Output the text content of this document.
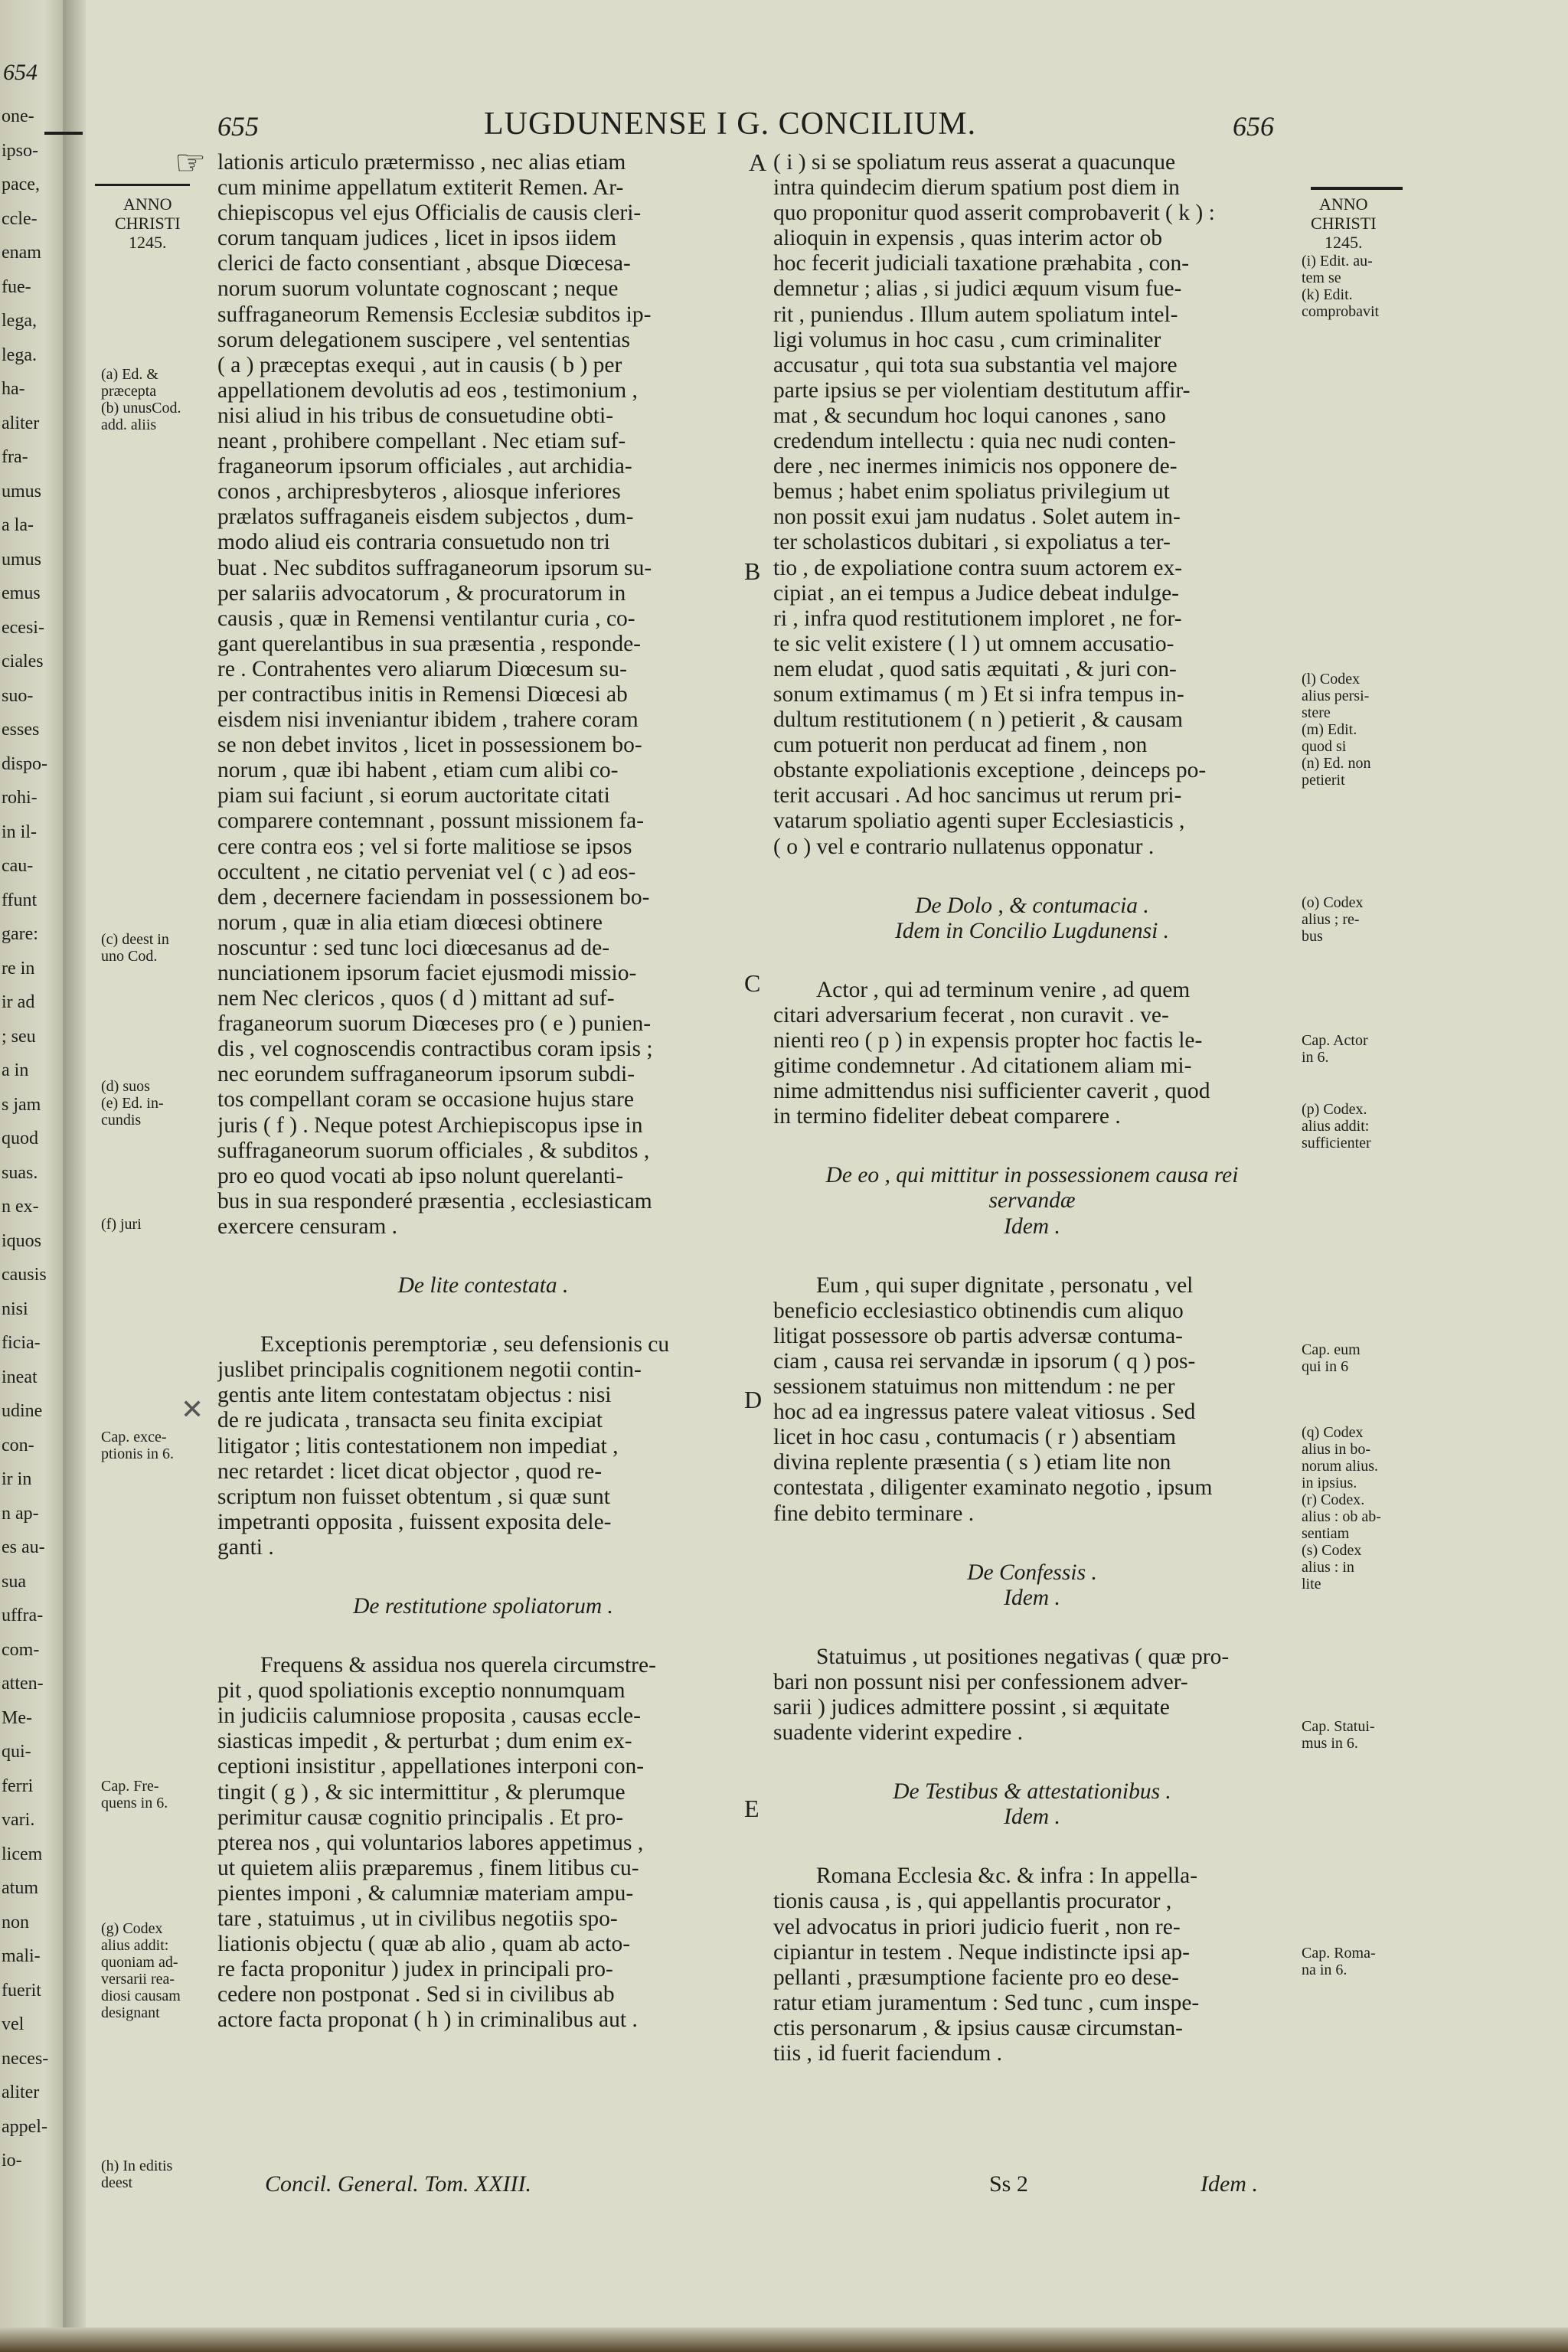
654
one-
ipso-
pace,
ccle-
enam
fue-
lega,
lega.
ha-
aliter
fra-
umus
a la-
umus
emus
ecesi-
ciales
suo-
esses
dispo-
rohi-
in il-
cau-
ffunt
gare:
re in
ir ad
; seu
a in
s jam
quod
suas.
n ex-
iquos
causis
nisi
ficia-
ineat
udine
con-
ir in
n ap-
es au-
sua
uffra-
com-
atten-
Me-
qui-
ferri
vari.
licem
atum
non
mali-
fuerit
vel
neces-
aliter
appel-
io-
655	LUGDUNENSE I G. CONCILIUM.	656
☞
ANNO
CHRISTI
1245.
(a) Ed. &
præcepta
(b) unusCod.
add. aliis
(c) deest in
uno Cod.
(d) suos
(e) Ed. in-
cundis
(f) juri
Cap. exce-
ptionis in 6.
Cap. Fre-
quens in 6.
(g) Codex
alius addit:
quoniam ad-
versarii rea-
diosi causam
designant
(h) In editis
deest
✕
ANNO
CHRISTI
1245.
(i) Edit. au-
tem se
(k) Edit.
comprobavit
(l) Codex
alius persi-
stere
(m) Edit.
quod si
(n) Ed. non
petierit
(o) Codex
alius ; re-
bus
Cap. Actor
in 6.
(p) Codex.
alius addit:
sufficienter
Cap. eum
qui in 6
(q) Codex
alius in bo-
norum alius.
in ipsius.
(r) Codex.
alius : ob ab-
sentiam
(s) Codex
alius : in
lite
Cap. Statui-
mus in 6.
Cap. Roma-
na in 6.
A
B
C
D
E
lationis articulo prætermisso , nec alias etiam
cum minime appellatum extiterit Remen. Ar-
chiepiscopus vel ejus Officialis de causis cleri-
corum tanquam judices , licet in ipsos iidem
clerici de facto consentiant , absque Diœcesa-
norum suorum voluntate cognoscant ; neque
suffraganeorum Remensis Ecclesiæ subditos ip-
sorum delegationem suscipere , vel sententias
( a ) præceptas exequi , aut in causis ( b ) per
appellationem devolutis ad eos , testimonium ,
nisi aliud in his tribus de consuetudine obti-
neant , prohibere compellant . Nec etiam suf-
fraganeorum ipsorum officiales , aut archidia-
conos , archipresbyteros , aliosque inferiores
prælatos suffraganeis eisdem subjectos , dum-
modo aliud eis contraria consuetudo non tri
buat . Nec subditos suffraganeorum ipsorum su-
per salariis advocatorum , & procuratorum in
causis , quæ in Remensi ventilantur curia , co-
gant querelantibus in sua præsentia , responde-
re . Contrahentes vero aliarum Diœcesum su-
per contractibus initis in Remensi Diœcesi ab
eisdem nisi inveniantur ibidem , trahere coram
se non debet invitos , licet in possessionem bo-
norum , quæ ibi habent , etiam cum alibi co-
piam sui faciunt , si eorum auctoritate citati
comparere contemnant , possunt missionem fa-
cere contra eos ; vel si forte malitiose se ipsos
occultent , ne citatio perveniat vel ( c ) ad eos-
dem , decernere faciendam in possessionem bo-
norum , quæ in alia etiam diœcesi obtinere
noscuntur : sed tunc loci diœcesanus ad de-
nunciationem ipsorum faciet ejusmodi missio-
nem Nec clericos , quos ( d ) mittant ad suf-
fraganeorum suorum Diœceses pro ( e ) punien-
dis , vel cognoscendis contractibus coram ipsis ;
nec eorundem suffraganeorum ipsorum subdi-
tos compellant coram se occasione hujus stare
juris ( f ) . Neque potest Archiepiscopus ipse in
suffraganeorum suorum officiales , & subditos ,
pro eo quod vocati ab ipso nolunt querelanti-
bus in sua responderé præsentia , ecclesiasticam
exercere censuram .

De lite contestata .

Exceptionis peremptoriæ , seu defensionis cu
juslibet principalis cognitionem negotii contin-
gentis ante litem contestatam objectus : nisi
de re judicata , transacta seu finita excipiat
litigator ; litis contestationem non impediat ,
nec retardet : licet dicat objector , quod re-
scriptum non fuisset obtentum , si quæ sunt
impetranti opposita , fuissent exposita dele-
ganti .

De restitutione spoliatorum .

Frequens & assidua nos querela circumstre-
pit , quod spoliationis exceptio nonnumquam
in judiciis calumniose proposita , causas eccle-
siasticas impedit , & perturbat ; dum enim ex-
ceptioni insistitur , appellationes interponi con-
tingit ( g ) , & sic intermittitur , & plerumque
perimitur causæ cognitio principalis . Et pro-
pterea nos , qui voluntarios labores appetimus ,
ut quietem aliis præparemus , finem litibus cu-
pientes imponi , & calumniæ materiam ampu-
tare , statuimus , ut in civilibus negotiis spo-
liationis objectu ( quæ ab alio , quam ab acto-
re facta proponitur ) judex in principali pro-
cedere non postponat . Sed si in civilibus ab
actore facta proponat ( h ) in criminalibus aut .
( i ) si se spoliatum reus asserat a quacunque
intra quindecim dierum spatium post diem in
quo proponitur quod asserit comprobaverit ( k ) :
alioquin in expensis , quas interim actor ob
hoc fecerit judiciali taxatione præhabita , con-
demnetur ; alias , si judici æquum visum fue-
rit , puniendus . Illum autem spoliatum intel-
ligi volumus in hoc casu , cum criminaliter
accusatur , qui tota sua substantia vel majore
parte ipsius se per violentiam destitutum affir-
mat , & secundum hoc loqui canones , sano
credendum intellectu : quia nec nudi conten-
dere , nec inermes inimicis nos opponere de-
bemus ; habet enim spoliatus privilegium ut
non possit exui jam nudatus . Solet autem in-
ter scholasticos dubitari , si expoliatus a ter-
tio , de expoliatione contra suum actorem ex-
cipiat , an ei tempus a Judice debeat indulge-
ri , infra quod restitutionem imploret , ne for-
te sic velit existere ( l ) ut omnem accusatio-
nem eludat , quod satis æquitati , & juri con-
sonum extimamus ( m ) Et si infra tempus in-
dultum restitutionem ( n ) petierit , & causam
cum potuerit non perducat ad finem , non
obstante expoliationis exceptione , deinceps po-
terit accusari . Ad hoc sancimus ut rerum pri-
vatarum spoliatio agenti super Ecclesiasticis ,
( o ) vel e contrario nullatenus opponatur .

De Dolo , & contumacia .

Idem in Concilio Lugdunensi .

Actor , qui ad terminum venire , ad quem
citari adversarium fecerat , non curavit . ve-
nienti reo ( p ) in expensis propter hoc factis le-
gitime condemnetur . Ad citationem aliam mi-
nime admittendus nisi sufficienter caverit , quod
in termino fideliter debeat comparere .

De eo , qui mittitur in possessionem causa rei

servandæ

Idem .

Eum , qui super dignitate , personatu , vel
beneficio ecclesiastico obtinendis cum aliquo
litigat possessore ob partis adversæ contuma-
ciam , causa rei servandæ in ipsorum ( q ) pos-
sessionem statuimus non mittendum : ne per
hoc ad ea ingressus patere valeat vitiosus . Sed
licet in hoc casu , contumacis ( r ) absentiam
divina replente præsentia ( s ) etiam lite non
contestata , diligenter examinato negotio , ipsum
fine debito terminare .

De Confessis .

Idem .

Statuimus , ut positiones negativas ( quæ pro-
bari non possunt nisi per confessionem adver-
sarii ) judices admittere possint , si æquitate
suadente viderint expedire .

De Testibus & attestationibus .

Idem .

Romana Ecclesia &c. & infra : In appella-
tionis causa , is , qui appellantis procurator ,
vel advocatus in priori judicio fuerit , non re-
cipiantur in testem . Neque indistincte ipsi ap-
pellanti , præsumptione faciente pro eo dese-
ratur etiam juramentum : Sed tunc , cum inspe-
ctis personarum , & ipsius causæ circumstan-
tiis , id fuerit faciendum .
Concil. General. Tom. XXIII.	Ss 2	Idem .
